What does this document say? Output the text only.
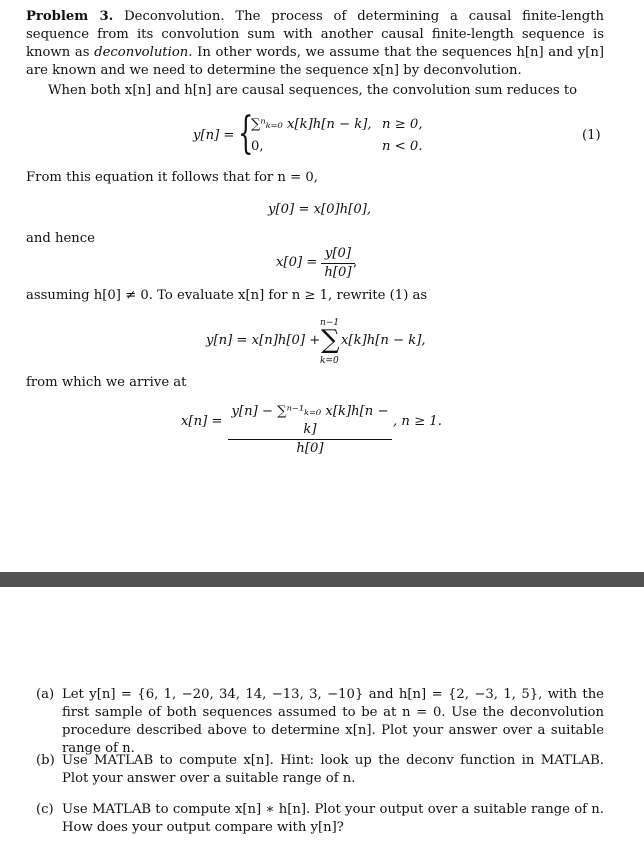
Problem 3. Deconvolution. The process of determining a causal finite-length sequence from its convolution sum with another causal finite-length sequence is known as deconvolution. In other words, we assume that the sequences h[n] and y[n] are known and we need to determine the sequence x[n] by deconvolution.

When both x[n] and h[n] are causal sequences, the convolution sum reduces to

y[n] = {
∑ⁿₖ₌₀ x[k]h[n − k], n ≥ 0,
0,	n < 0.
(1)

From this equation it follows that for n = 0,

y[0] = x[0]h[0],

and hence

x[0] =
y[0]
h[0]
,

assuming h[0] ≠ 0. To evaluate x[n] for n ≥ 1, rewrite (1) as

y[n] = x[n]h[0] +
n−1
∑
k=0
x[k]h[n − k],

from which we arrive at

x[n] =
y[n] − ∑ⁿ⁻¹ₖ₌₀ x[k]h[n − k]
h[0]
, n ≥ 1.
(a) Let y[n] = {6, 1, −20, 34, 14, −13, 3, −10} and h[n] = {2, −3, 1, 5}, with the first sample of both sequences assumed to be at n = 0. Use the deconvolution procedure described above to determine x[n]. Plot your answer over a suitable range of n.
(b) Use MATLAB to compute x[n]. Hint: look up the deconv function in MATLAB. Plot your answer over a suitable range of n.
(c) Use MATLAB to compute x[n] ∗ h[n]. Plot your output over a suitable range of n. How does your output compare with y[n]?
